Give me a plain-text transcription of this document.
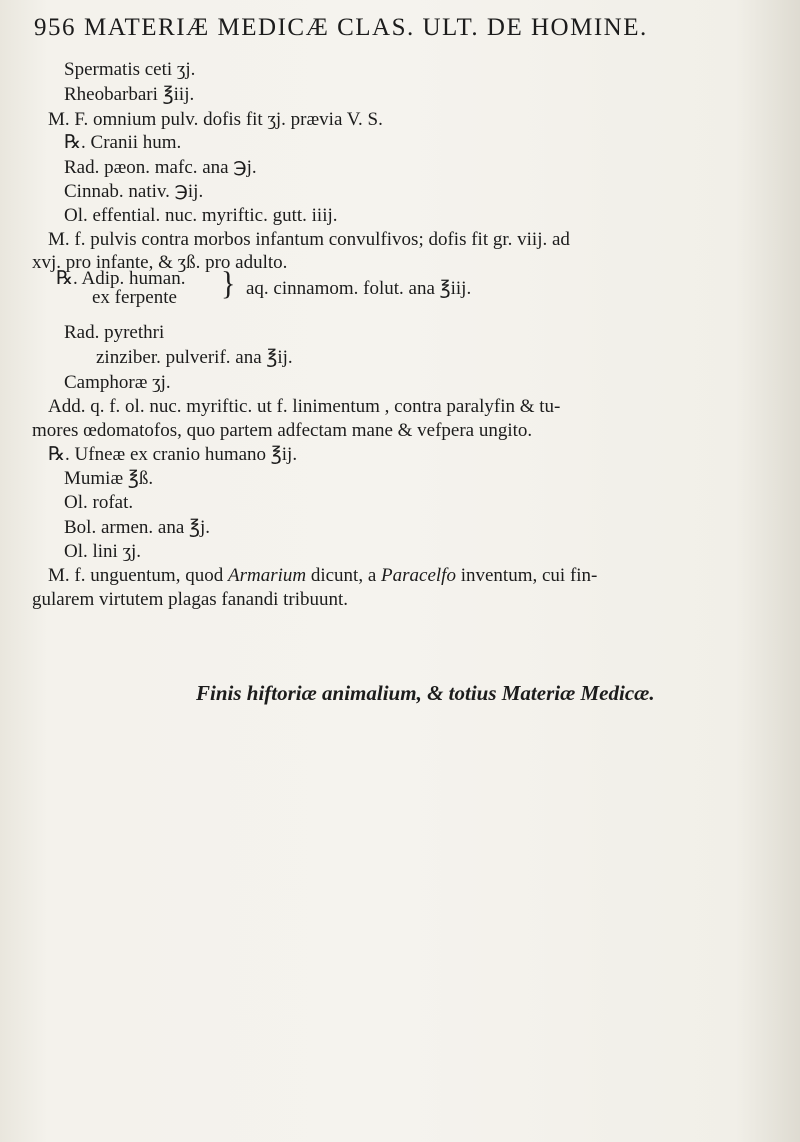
956 MATERIÆ MEDICÆ CLAS. ULT. DE HOMINE.
Spermatis ceti ʒj.
Rheobarbari ℥iij.
M. F. omnium pulv. dofis fit ʒj. prævia V. S.
℞. Cranii hum.
Rad. pæon. mafc. ana ℈j.
Cinnab. nativ. ℈ij.
Ol. effential. nuc. myriftic. gutt. iiij.
M. f. pulvis contra morbos infantum convulfivos; dofis fit gr. viij. ad
xvj. pro infante, & ʒß. pro adulto.
℞. Adip. human.
ex ferpente } aq. cinnamom. folut. ana ℥iij.
Rad. pyrethri
zinziber. pulverif. ana ℥ij.
Camphoræ ʒj.
Add. q. f. ol. nuc. myriftic. ut f. linimentum , contra paralyfin & tu-
mores œdomatofos, quo partem adfectam mane & vefpera ungito.
℞. Ufneæ ex cranio humano ℥ij.
Mumiæ ℥ß.
Ol. rofat.
Bol. armen. ana ℥j.
Ol. lini ʒj.
M. f. unguentum, quod Armarium dicunt, a Paracelfo inventum, cui fin-
gularem virtutem plagas fanandi tribuunt.
Finis hiftoriæ animalium, & totius Materiæ Medicæ.
